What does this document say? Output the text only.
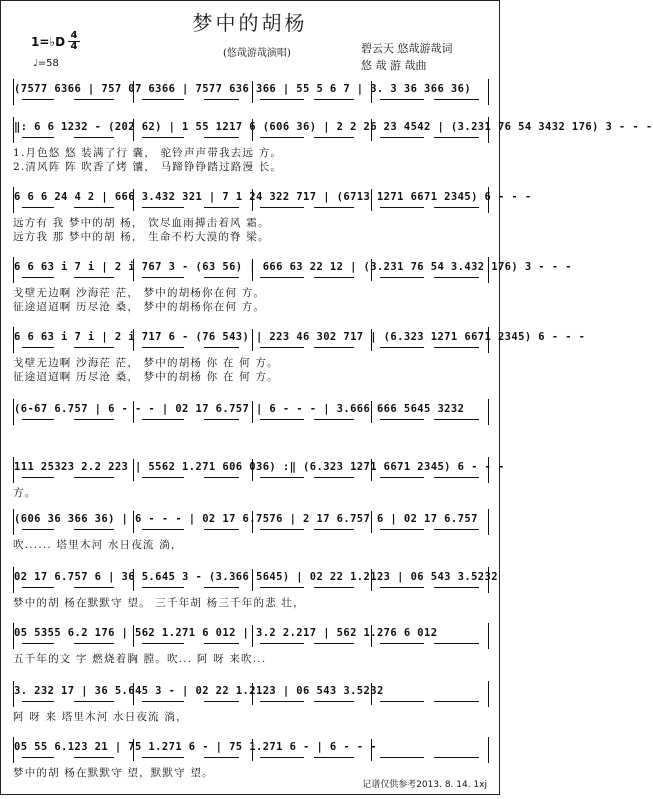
梦中的胡杨
1=♭D 4
4
♩=58
(悠哉游哉演唱)	碧云天 悠哉游哉词
悠 哉 游 哉曲
(7577 6366 | 757 07 6366 | 7577 636 366 | 55 5 6 7 | 3. 3 36 366 36)
‖: 6 6 1232 - (202 62) | 1 55 1217 6 (606 36) | 2 2 26 23 4542 | (3.231 76 54 3432 176) 3 - - -
1.月色悠 悠 装满了行 囊， 驼铃声声带我去远 方。
2.清风阵 阵 吹香了烤 馕， 马蹄铮铮踏过路漫 长。
6 6 6 24 4 2 | 666 3.432 321 | 7 1 24 322 717 | (6713 1271 6671 2345) 6 - - -
远方有 我 梦中的胡 杨， 饮尽血雨搏击着风 霜。
远方我 那 梦中的胡 杨， 生命不朽大漠的脊 梁。
6 6 63 i 7 i | 2 i 767 3 - (63 56) | 666 63 22 12 | (3.231 76 54 3.432 176) 3 - - -
戈壁无边啊 沙海茫 茫， 梦中的胡杨你在何 方。
征途迢迢啊 历尽沧 桑， 梦中的胡杨你在何 方。
6 6 63 i 7 i | 2 i 717 6 - (76 543) | 223 46 302 717 | (6.323 1271 6671 2345) 6 - - -
戈壁无边啊 沙海茫 茫， 梦中的胡杨 你 在 何 方。
征途迢迢啊 历尽沧 桑， 梦中的胡杨 你 在 何 方。
(6-67 6.757 | 6 - - - | 02 17 6.757 | 6 - - - | 3.666 666 5645 3232
111 25323 2.2 223 | 5562 1.271 606 036) :‖ (6.323 1271 6671 2345) 6 - - -
方。
(606 36 366 36) | 6 - - - | 02 17 6.7576 | 2 17 6.757 6 | 02 17 6.757
吹...... 塔里木河 水日夜流 淌，
02 17 6.757 6 | 36 5.645 3 - (3.366 5645) | 02 22 1.2123 | 06 543 3.5232
梦中的胡 杨在默默守 望。 三千年胡 杨三千年的悲 壮，
05 5355 6.2 176 | 562 1.271 6 012 | 3.2 2.217 | 562 1.276 6 012
五千年的文 字 燃烧着胸 膛。吹... 阿 呀 来吹...
3. 232 17 | 36 5.645 3 - | 02 22 1.2123 | 06 543 3.5232
阿 呀 来 塔里木河 水日夜流 淌，
05 55 6.123 21 | 75 1.271 6 - | 75 1.271 6 - | 6 - - -
梦中的胡 杨在默默守 望，默默守 望。
记谱仅供参考2013. 8. 14. 1xj
